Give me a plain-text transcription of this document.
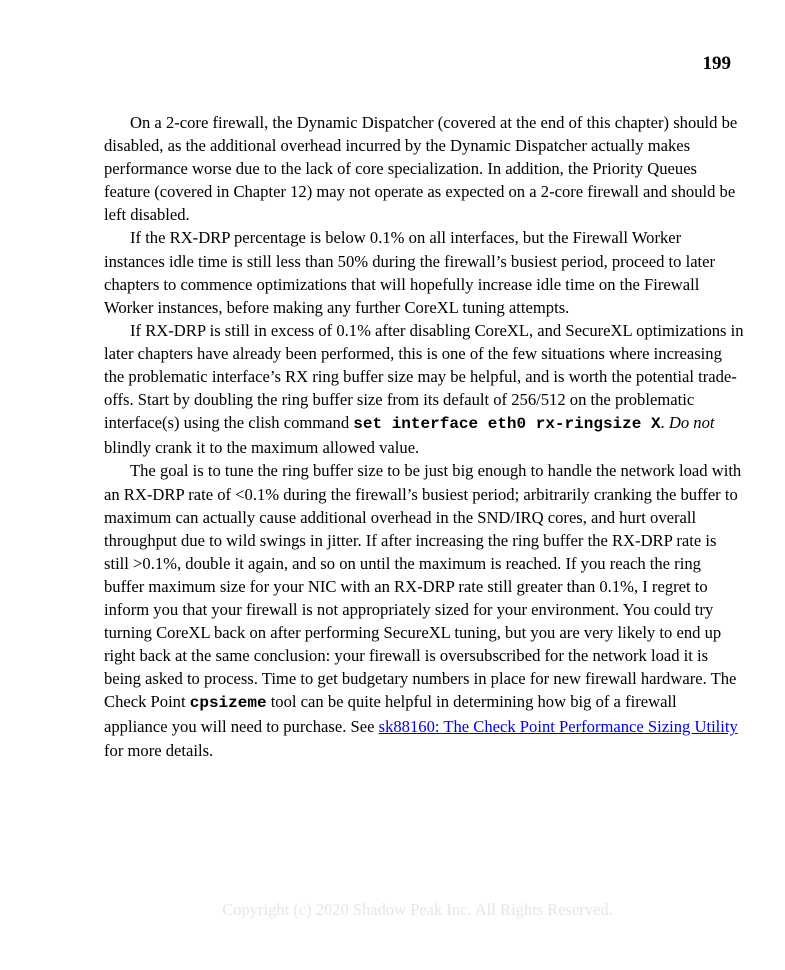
199

On a 2-core firewall, the Dynamic Dispatcher (covered at the end of this chapter) should be disabled, as the additional overhead incurred by the Dynamic Dispatcher actually makes performance worse due to the lack of core specialization. In addition, the Priority Queues feature (covered in Chapter 12) may not operate as expected on a 2-core firewall and should be left disabled.

If the RX-DRP percentage is below 0.1% on all interfaces, but the Firewall Worker instances idle time is still less than 50% during the firewall’s busiest period, proceed to later chapters to commence optimizations that will hopefully increase idle time on the Firewall Worker instances, before making any further CoreXL tuning attempts.

If RX-DRP is still in excess of 0.1% after disabling CoreXL, and SecureXL optimizations in later chapters have already been performed, this is one of the few situations where increasing the problematic interface’s RX ring buffer size may be helpful, and is worth the potential trade-offs. Start by doubling the ring buffer size from its default of 256/512 on the problematic interface(s) using the clish command set interface eth0 rx-ringsize X. Do not blindly crank it to the maximum allowed value.

The goal is to tune the ring buffer size to be just big enough to handle the network load with an RX-DRP rate of <0.1% during the firewall’s busiest period; arbitrarily cranking the buffer to maximum can actually cause additional overhead in the SND/IRQ cores, and hurt overall throughput due to wild swings in jitter. If after increasing the ring buffer the RX-DRP rate is still >0.1%, double it again, and so on until the maximum is reached. If you reach the ring buffer maximum size for your NIC with an RX-DRP rate still greater than 0.1%, I regret to inform you that your firewall is not appropriately sized for your environment. You could try turning CoreXL back on after performing SecureXL tuning, but you are very likely to end up right back at the same conclusion: your firewall is oversubscribed for the network load it is being asked to process. Time to get budgetary numbers in place for new firewall hardware. The Check Point cpsizeme tool can be quite helpful in determining how big of a firewall appliance you will need to purchase. See sk88160: The Check Point Performance Sizing Utility for more details.

Copyright (c) 2020 Shadow Peak Inc. All Rights Reserved.
